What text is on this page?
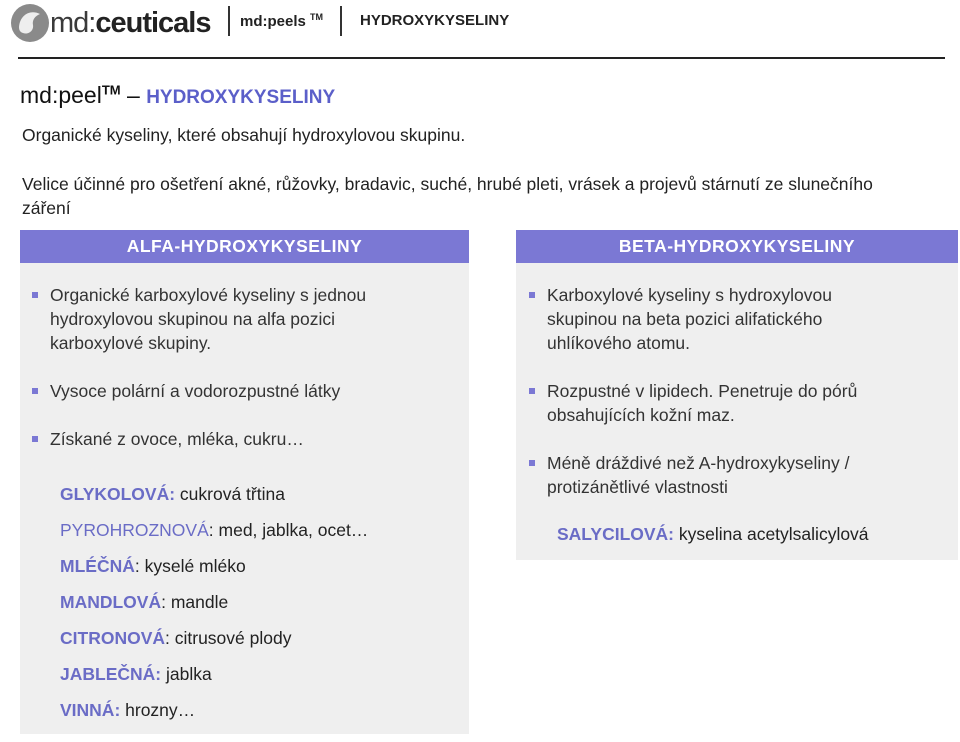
md:ceuticals md:peels ™ HYDROXYKYSELINY
md:peel™ – HYDROXYKYSELINY
Organické kyseliny, které obsahují hydroxylovou skupinu.
Velice účinné pro ošetření akné, růžovky, bradavic, suché, hrubé pleti, vrásek a projevů stárnutí ze slunečního záření
ALFA-HYDROXYKYSELINY
Organické karboxylové kyseliny s jednou hydroxylovou skupinou na alfa pozici karboxylové skupiny.
Vysoce polární a vodorozpustné látky
Získané z ovoce, mléka, cukru…
GLYKOLOVÁ: cukrová třtina
PYROHROZNOVÁ: med, jablka, ocet…
MLÉČNÁ: kyselé mléko
MANDLOVÁ: mandle
CITRONOVÁ: citrusové plody
JABLEČNÁ: jablka
VINNÁ: hrozny…
BETA-HYDROXYKYSELINY
Karboxylové kyseliny s hydroxylovou skupinou na beta pozici alifatického uhlíkového atomu.
Rozpustné v lipidech. Penetruje do pórů obsahujících kožní maz.
Méně dráždivé než A-hydroxykyseliny / protizánětlivé vlastnosti
SALYCILOVÁ: kyselina acetylsalicylová
